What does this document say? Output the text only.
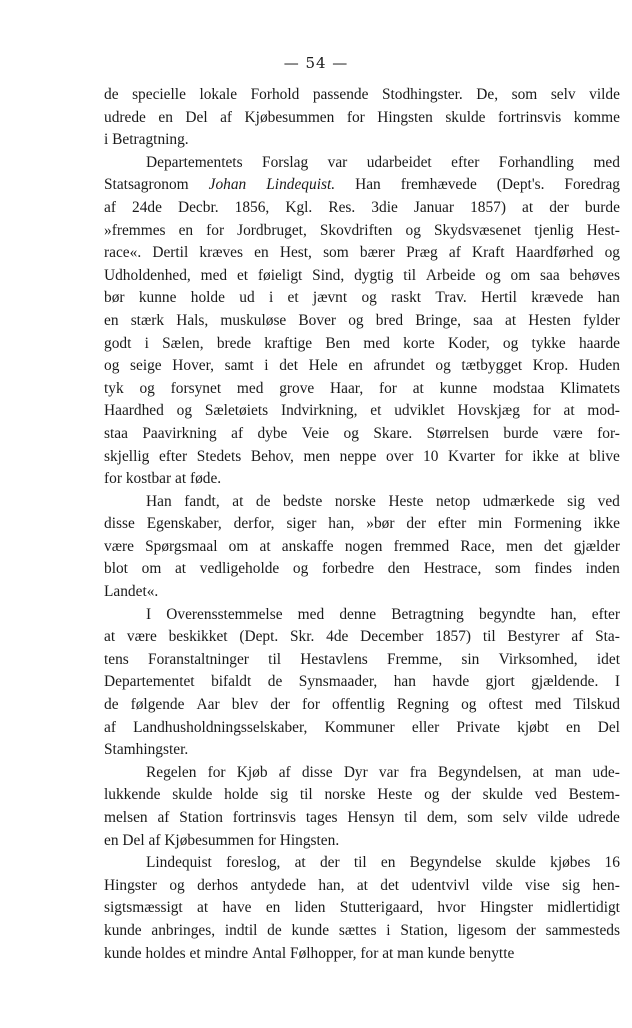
— 54 —
de specielle lokale Forhold passende Stodhingster. De, som selv vilde
udrede en Del af Kjøbesummen for Hingsten skulde fortrinsvis komme
i
Betragtning.
Departementets Forslag var udarbeidet efter Forhandling med
Statsagronom Johan Lindequist. Han fremhævede (Dept's. Foredrag
af 24de Decbr. 1856, Kgl. Res. 3die Januar 1857) at der burde
»fremmes en for Jordbruget, Skovdriften og Skydsvæsenet tjenlig Hest-
race«. Dertil kræves en Hest, som bærer Præg af Kraft Haardførhed og
Udholdenhed, med et føieligt Sind, dygtig til Arbeide og om saa behøves
bør kunne holde ud i et jævnt og raskt Trav. Hertil krævede han
en stærk Hals, muskuløse Bover og bred Bringe, saa at Hesten fylder
godt i Sælen, brede kraftige Ben med korte Koder, og tykke haarde
og seige Hover, samt i det Hele en afrundet og tætbygget Krop. Huden
tyk og forsynet med grove Haar, for at kunne modstaa Klimatets
Haardhed og Sæletøiets Indvirkning, et udviklet Hovskjæg for at mod-
staa Paavirkning af dybe Veie og Skare. Størrelsen burde være for-
skjellig efter Stedets Behov, men neppe over 10 Kvarter for ikke at blive
for
kostbar
at
føde.
Han fandt, at de bedste norske Heste netop udmærkede sig ved
disse Egenskaber, derfor, siger han, »bør der efter min Formening ikke
være Spørgsmaal om at anskaffe nogen fremmed Race, men det gjælder
blot om at vedligeholde og forbedre den Hestrace, som findes inden
Landet«.
I Overensstemmelse med denne Betragtning begyndte han, efter
at være beskikket (Dept. Skr. 4de December 1857) til Bestyrer af Sta-
tens Foranstaltninger til Hestavlens Fremme, sin Virksomhed, idet
Departementet bifaldt de Synsmaader, han havde gjort gjældende. I
de følgende Aar blev der for offentlig Regning og oftest med Tilskud
af Landhusholdningsselskaber, Kommuner eller Private kjøbt en Del
Stamhingster.
Regelen for Kjøb af disse Dyr var fra Begyndelsen, at man ude-
lukkende skulde holde sig til norske Heste og der skulde ved Bestem-
melsen af Station fortrinsvis tages Hensyn til dem, som selv vilde udrede
en
Del
af
Kjøbesummen
for
Hingsten.
Lindequist foreslog, at der til en Begyndelse skulde kjøbes 16
Hingster og derhos antydede han, at det udentvivl vilde vise sig hen-
sigtsmæssigt at have en liden Stutterigaard, hvor Hingster midlertidigt
kunde anbringes, indtil de kunde sættes i Station, ligesom der sammesteds
kunde
holdes
et
mindre
Antal
Følhopper,
for
at
man
kunde
benytte
